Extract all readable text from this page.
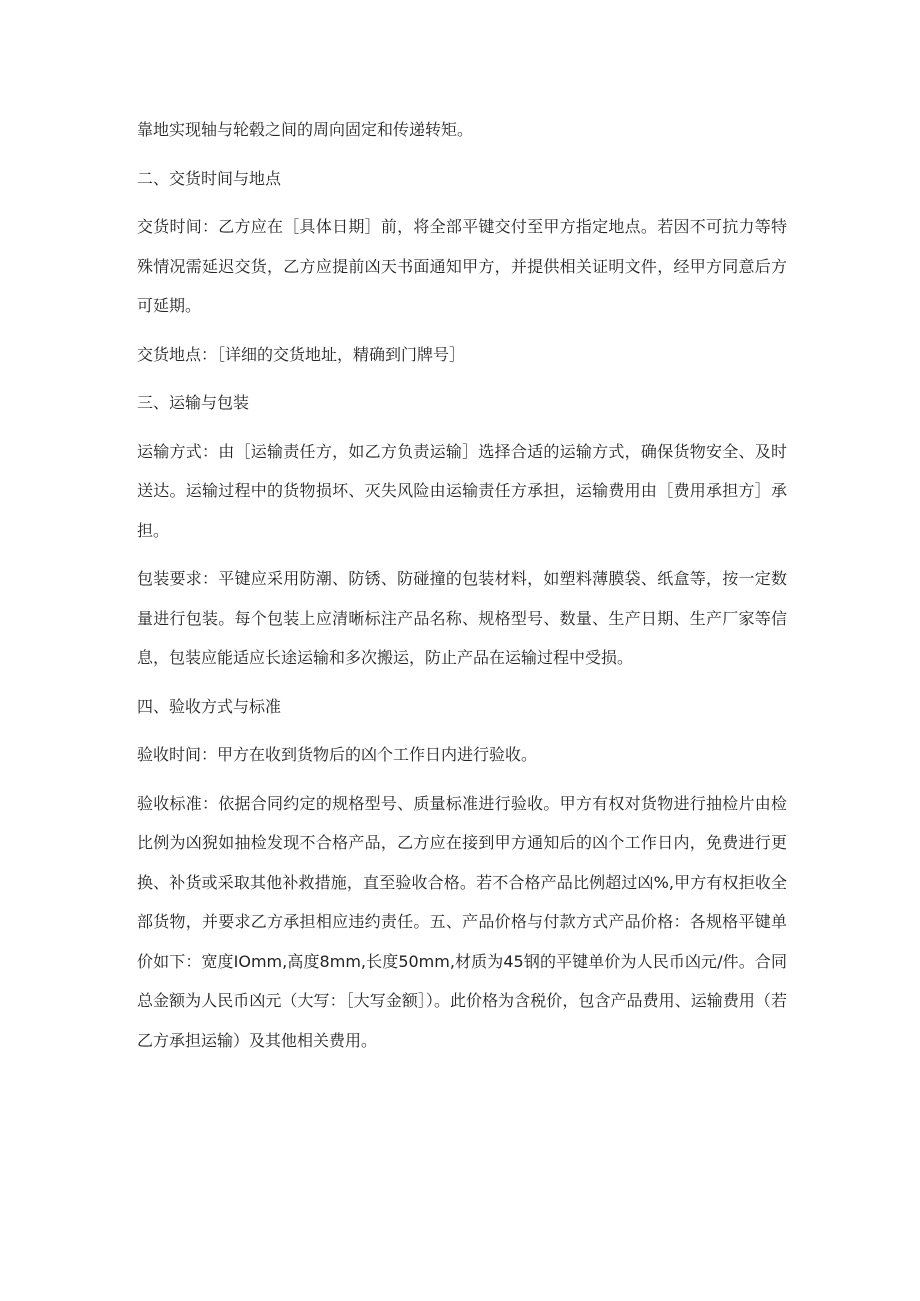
靠地实现轴与轮毂之间的周向固定和传递转矩。

二、交货时间与地点

交货时间：乙方应在［具体日期］前，将全部平键交付至甲方指定地点。若因不可抗力等特殊情况需延迟交货，乙方应提前凶天书面通知甲方，并提供相关证明文件，经甲方同意后方可延期。

交货地点：［详细的交货地址，精确到门牌号］

三、运输与包装

运输方式：由［运输责任方，如乙方负责运输］选择合适的运输方式，确保货物安全、及时送达。运输过程中的货物损坏、灭失风险由运输责任方承担，运输费用由［费用承担方］承担。

包装要求：平键应采用防潮、防锈、防碰撞的包装材料，如塑料薄膜袋、纸盒等，按一定数量进行包装。每个包装上应清晰标注产品名称、规格型号、数量、生产日期、生产厂家等信息，包装应能适应长途运输和多次搬运，防止产品在运输过程中受损。

四、验收方式与标准

验收时间：甲方在收到货物后的凶个工作日内进行验收。

验收标准：依据合同约定的规格型号、质量标准进行验收。甲方有权对货物进行抽检片由检比例为凶猊如抽检发现不合格产品，乙方应在接到甲方通知后的凶个工作日内，免费进行更换、补货或采取其他补救措施，直至验收合格。若不合格产品比例超过凶%,甲方有权拒收全部货物，并要求乙方承担相应违约责任。五、产品价格与付款方式产品价格：各规格平键单价如下：宽度IOmm,高度8mm,长度50mm,材质为45钢的平键单价为人民币凶元/件。合同总金额为人民币凶元（大写：［大写金额］）。此价格为含税价，包含产品费用、运输费用（若乙方承担运输）及其他相关费用。
